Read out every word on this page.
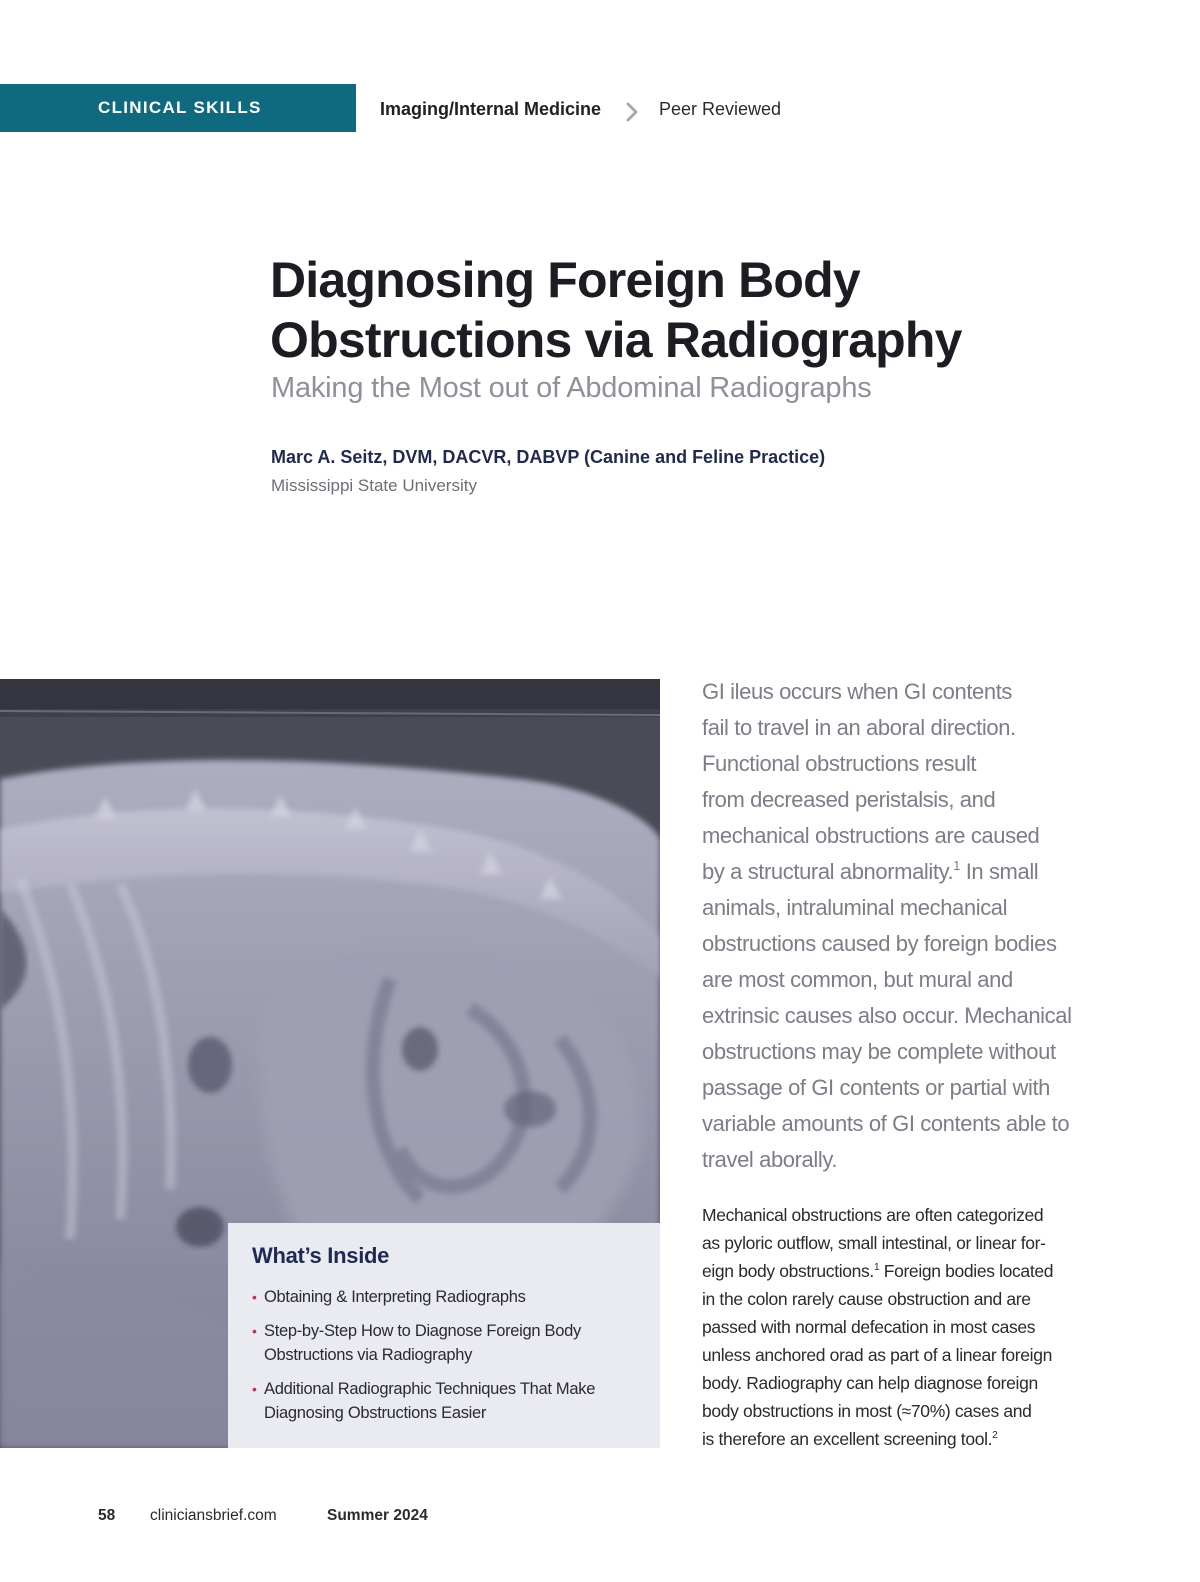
CLINICAL SKILLS	Imaging/Internal Medicine	Peer Reviewed
Diagnosing Foreign Body
Obstructions via Radiography
Making the Most out of Abdominal Radiographs
Marc A. Seitz, DVM, DACVR, DABVP (Canine and Feline Practice)
Mississippi State University
What’s Inside
• Obtaining & Interpreting Radiographs
• Step-by-Step How to Diagnose Foreign Body Obstructions via Radiography
• Additional Radiographic Techniques That Make Diagnosing Obstructions Easier
GI ileus occurs when GI contents
fail to travel in an aboral direction.
Functional obstructions result
from decreased peristalsis, and
mechanical obstructions are caused
by a structural abnormality.$^1$ In small
animals, intraluminal mechanical
obstructions caused by foreign bodies
are most common, but mural and
extrinsic causes also occur. Mechanical
obstructions may be complete without
passage of GI contents or partial with
variable amounts of GI contents able to
travel aborally.
Mechanical obstructions are often categorized
as pyloric outflow, small intestinal, or linear for-
eign body obstructions.$^1$ Foreign bodies located
in the colon rarely cause obstruction and are
passed with normal defecation in most cases
unless anchored orad as part of a linear foreign
body. Radiography can help diagnose foreign
body obstructions in most (≈70%) cases and
is therefore an excellent screening tool.$^2$
58 cliniciansbrief.com	Summer 2024
